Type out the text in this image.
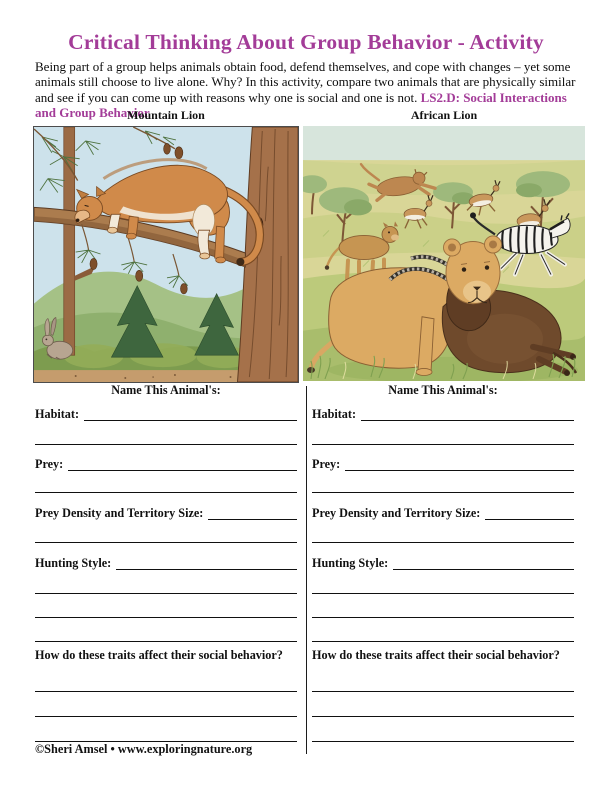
Critical Thinking About Group Behavior - Activity

Being part of a group helps animals obtain food, defend themselves, and cope with changes – yet some animals still choose to live alone. Why? In this activity, compare two animals that are physically similar and see if you can come up with reasons why one is social and one is not. LS2.D: Social Interactions and Group Behavior

Mountain Lion	African Lion
Name This Animal's:
Habitat:
Prey:
Prey Density and Territory Size:
Hunting Style:
How do these traits affect their social behavior?
Name This Animal's:
Habitat:
Prey:
Prey Density and Territory Size:
Hunting Style:
How do these traits affect their social behavior?
©Sheri Amsel • www.exploringnature.org
